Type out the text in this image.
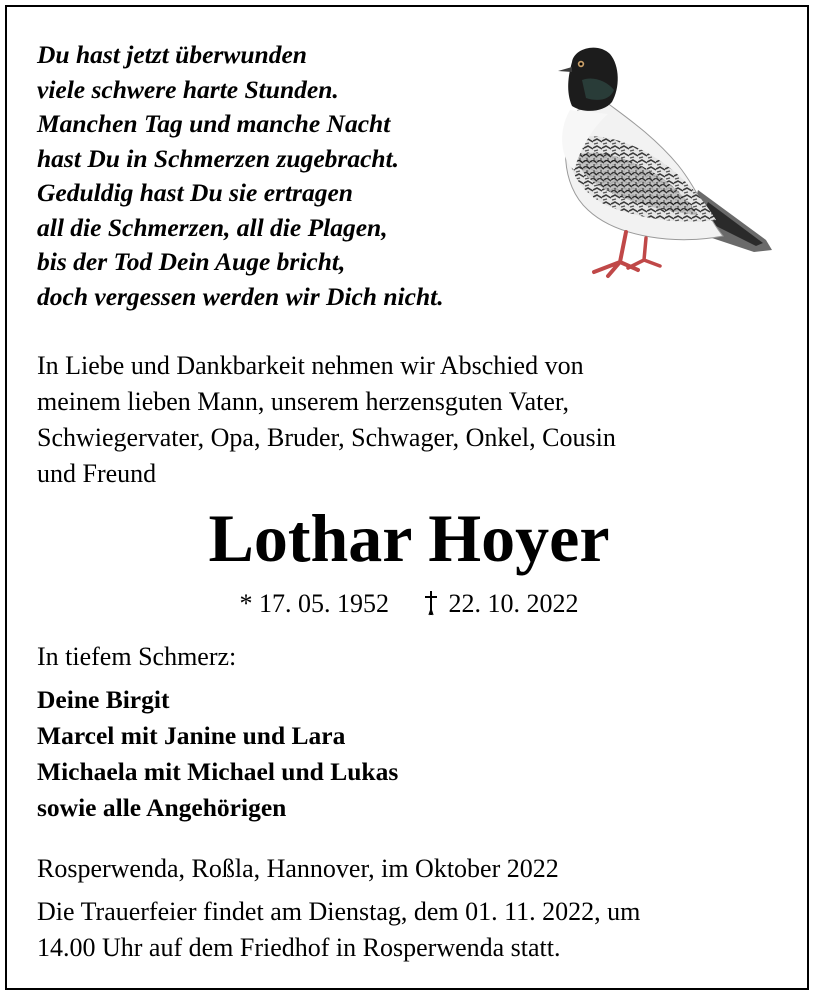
Du hast jetzt überwunden
viele schwere harte Stunden.
Manchen Tag und manche Nacht
hast Du in Schmerzen zugebracht.
Geduldig hast Du sie ertragen
all die Schmerzen, all die Plagen,
bis der Tod Dein Auge bricht,
doch vergessen werden wir Dich nicht.
In Liebe und Dankbarkeit nehmen wir Abschied von
meinem lieben Mann, unserem herzensguten Vater,
Schwiegervater, Opa, Bruder, Schwager, Onkel, Cousin
und Freund
Lothar Hoyer
* 17. 05. 1952 22. 10. 2022
In tiefem Schmerz:
Deine Birgit
Marcel mit Janine und Lara
Michaela mit Michael und Lukas
sowie alle Angehörigen
Rosperwenda, Roßla, Hannover, im Oktober 2022
Die Trauerfeier findet am Dienstag, dem 01. 11. 2022, um
14.00 Uhr auf dem Friedhof in Rosperwenda statt.
